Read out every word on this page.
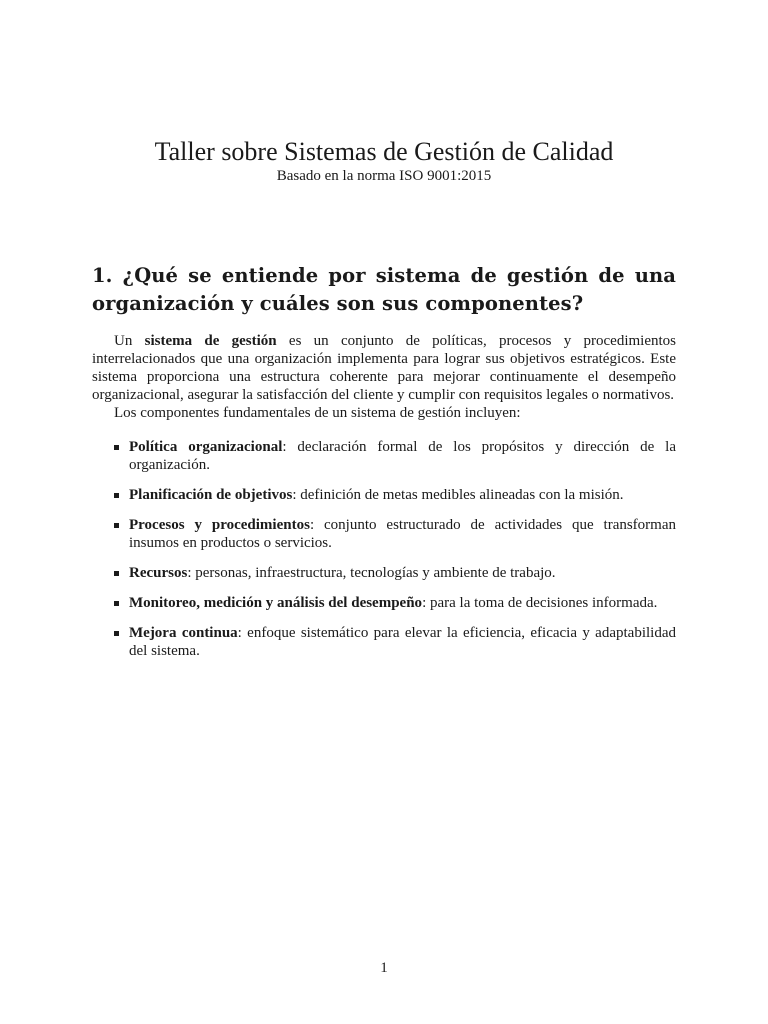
Taller sobre Sistemas de Gestión de Calidad

Basado en la norma ISO 9001:2015

1. ¿Qué se entiende por sistema de gestión de una organización y cuáles son sus componentes?

Un sistema de gestión es un conjunto de políticas, procesos y procedimientos interrelacionados que una organización implementa para lograr sus objetivos estratégicos. Este sistema proporciona una estructura coherente para mejorar continuamente el desempeño organizacional, asegurar la satisfacción del cliente y cumplir con requisitos legales o normativos.

Los componentes fundamentales de un sistema de gestión incluyen:

Política organizacional: declaración formal de los propósitos y dirección de la organización.
Planificación de objetivos: definición de metas medibles alineadas con la misión.
Procesos y procedimientos: conjunto estructurado de actividades que transforman insumos en productos o servicios.
Recursos: personas, infraestructura, tecnologías y ambiente de trabajo.
Monitoreo, medición y análisis del desempeño: para la toma de decisiones informada.
Mejora continua: enfoque sistemático para elevar la eficiencia, eficacia y adaptabilidad del sistema.
1
